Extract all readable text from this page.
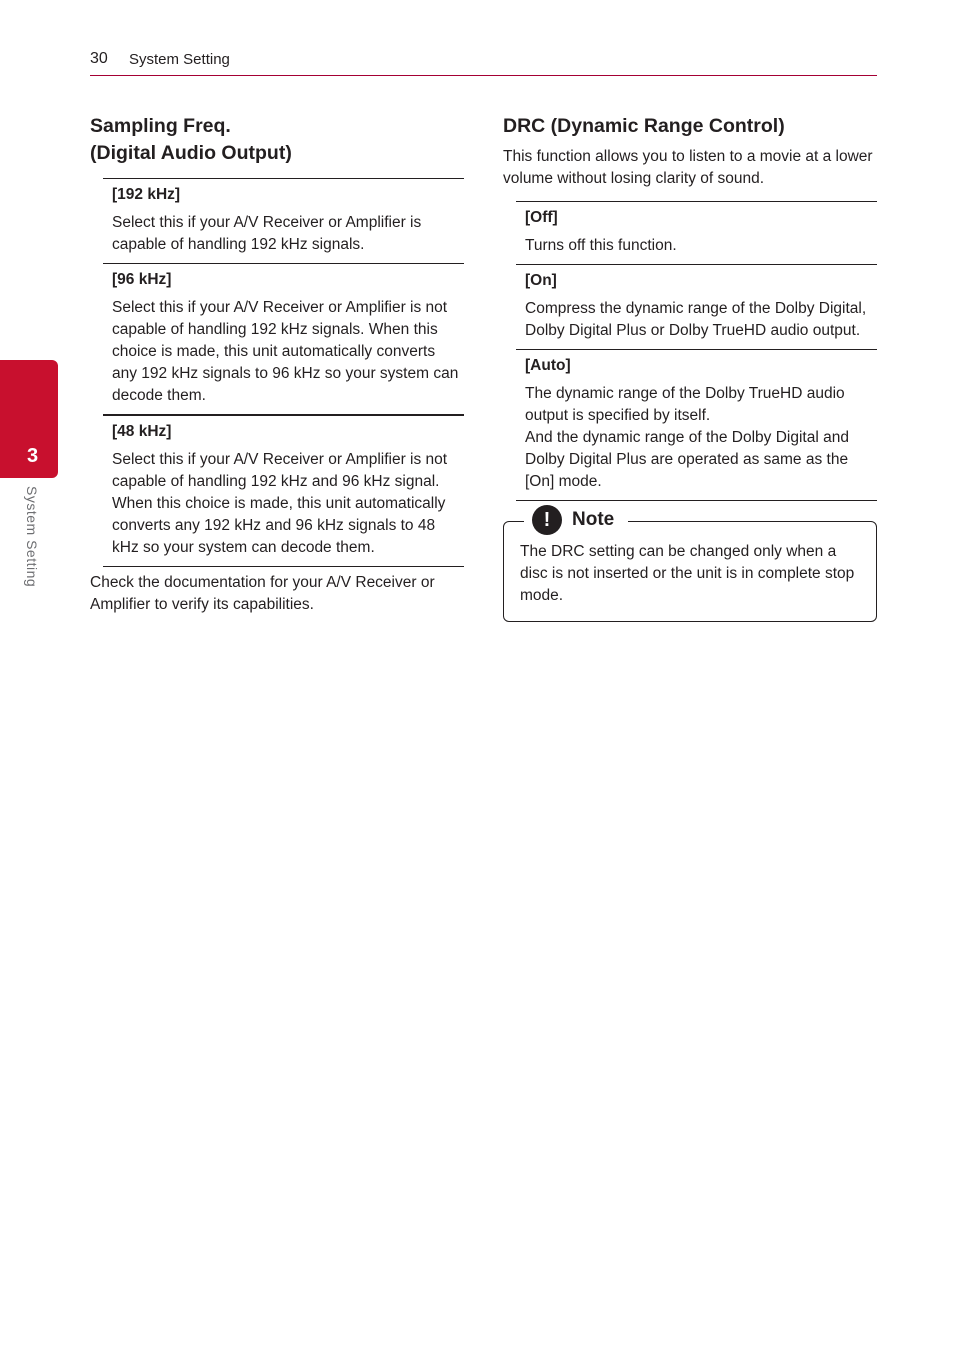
30 System Setting
3
System Setting
Sampling Freq.
(Digital Audio Output)
[192 kHz]
Select this if your A/V Receiver or Amplifier is capable of handling 192 kHz signals.
[96 kHz]
Select this if your A/V Receiver or Amplifier is not capable of handling 192 kHz signals. When this choice is made, this unit automatically converts any 192 kHz signals to 96 kHz so your system can decode them.
[48 kHz]
Select this if your A/V Receiver or Amplifier is not capable of handling 192 kHz and 96 kHz signal. When this choice is made, this unit automatically converts any 192 kHz and 96 kHz signals to 48 kHz so your system can decode them.

Check the documentation for your A/V Receiver or Amplifier to verify its capabilities.

DRC (Dynamic Range Control)

This function allows you to listen to a movie at a lower volume without losing clarity of sound.

[Off]
Turns off this function.
[On]
Compress the dynamic range of the Dolby Digital, Dolby Digital Plus or Dolby TrueHD audio output.
[Auto]
The dynamic range of the Dolby TrueHD audio output is specified by itself.
And the dynamic range of the Dolby Digital and Dolby Digital Plus are operated as same as the [On] mode.
!	Note

The DRC setting can be changed only when a disc is not inserted or the unit is in complete stop mode.
